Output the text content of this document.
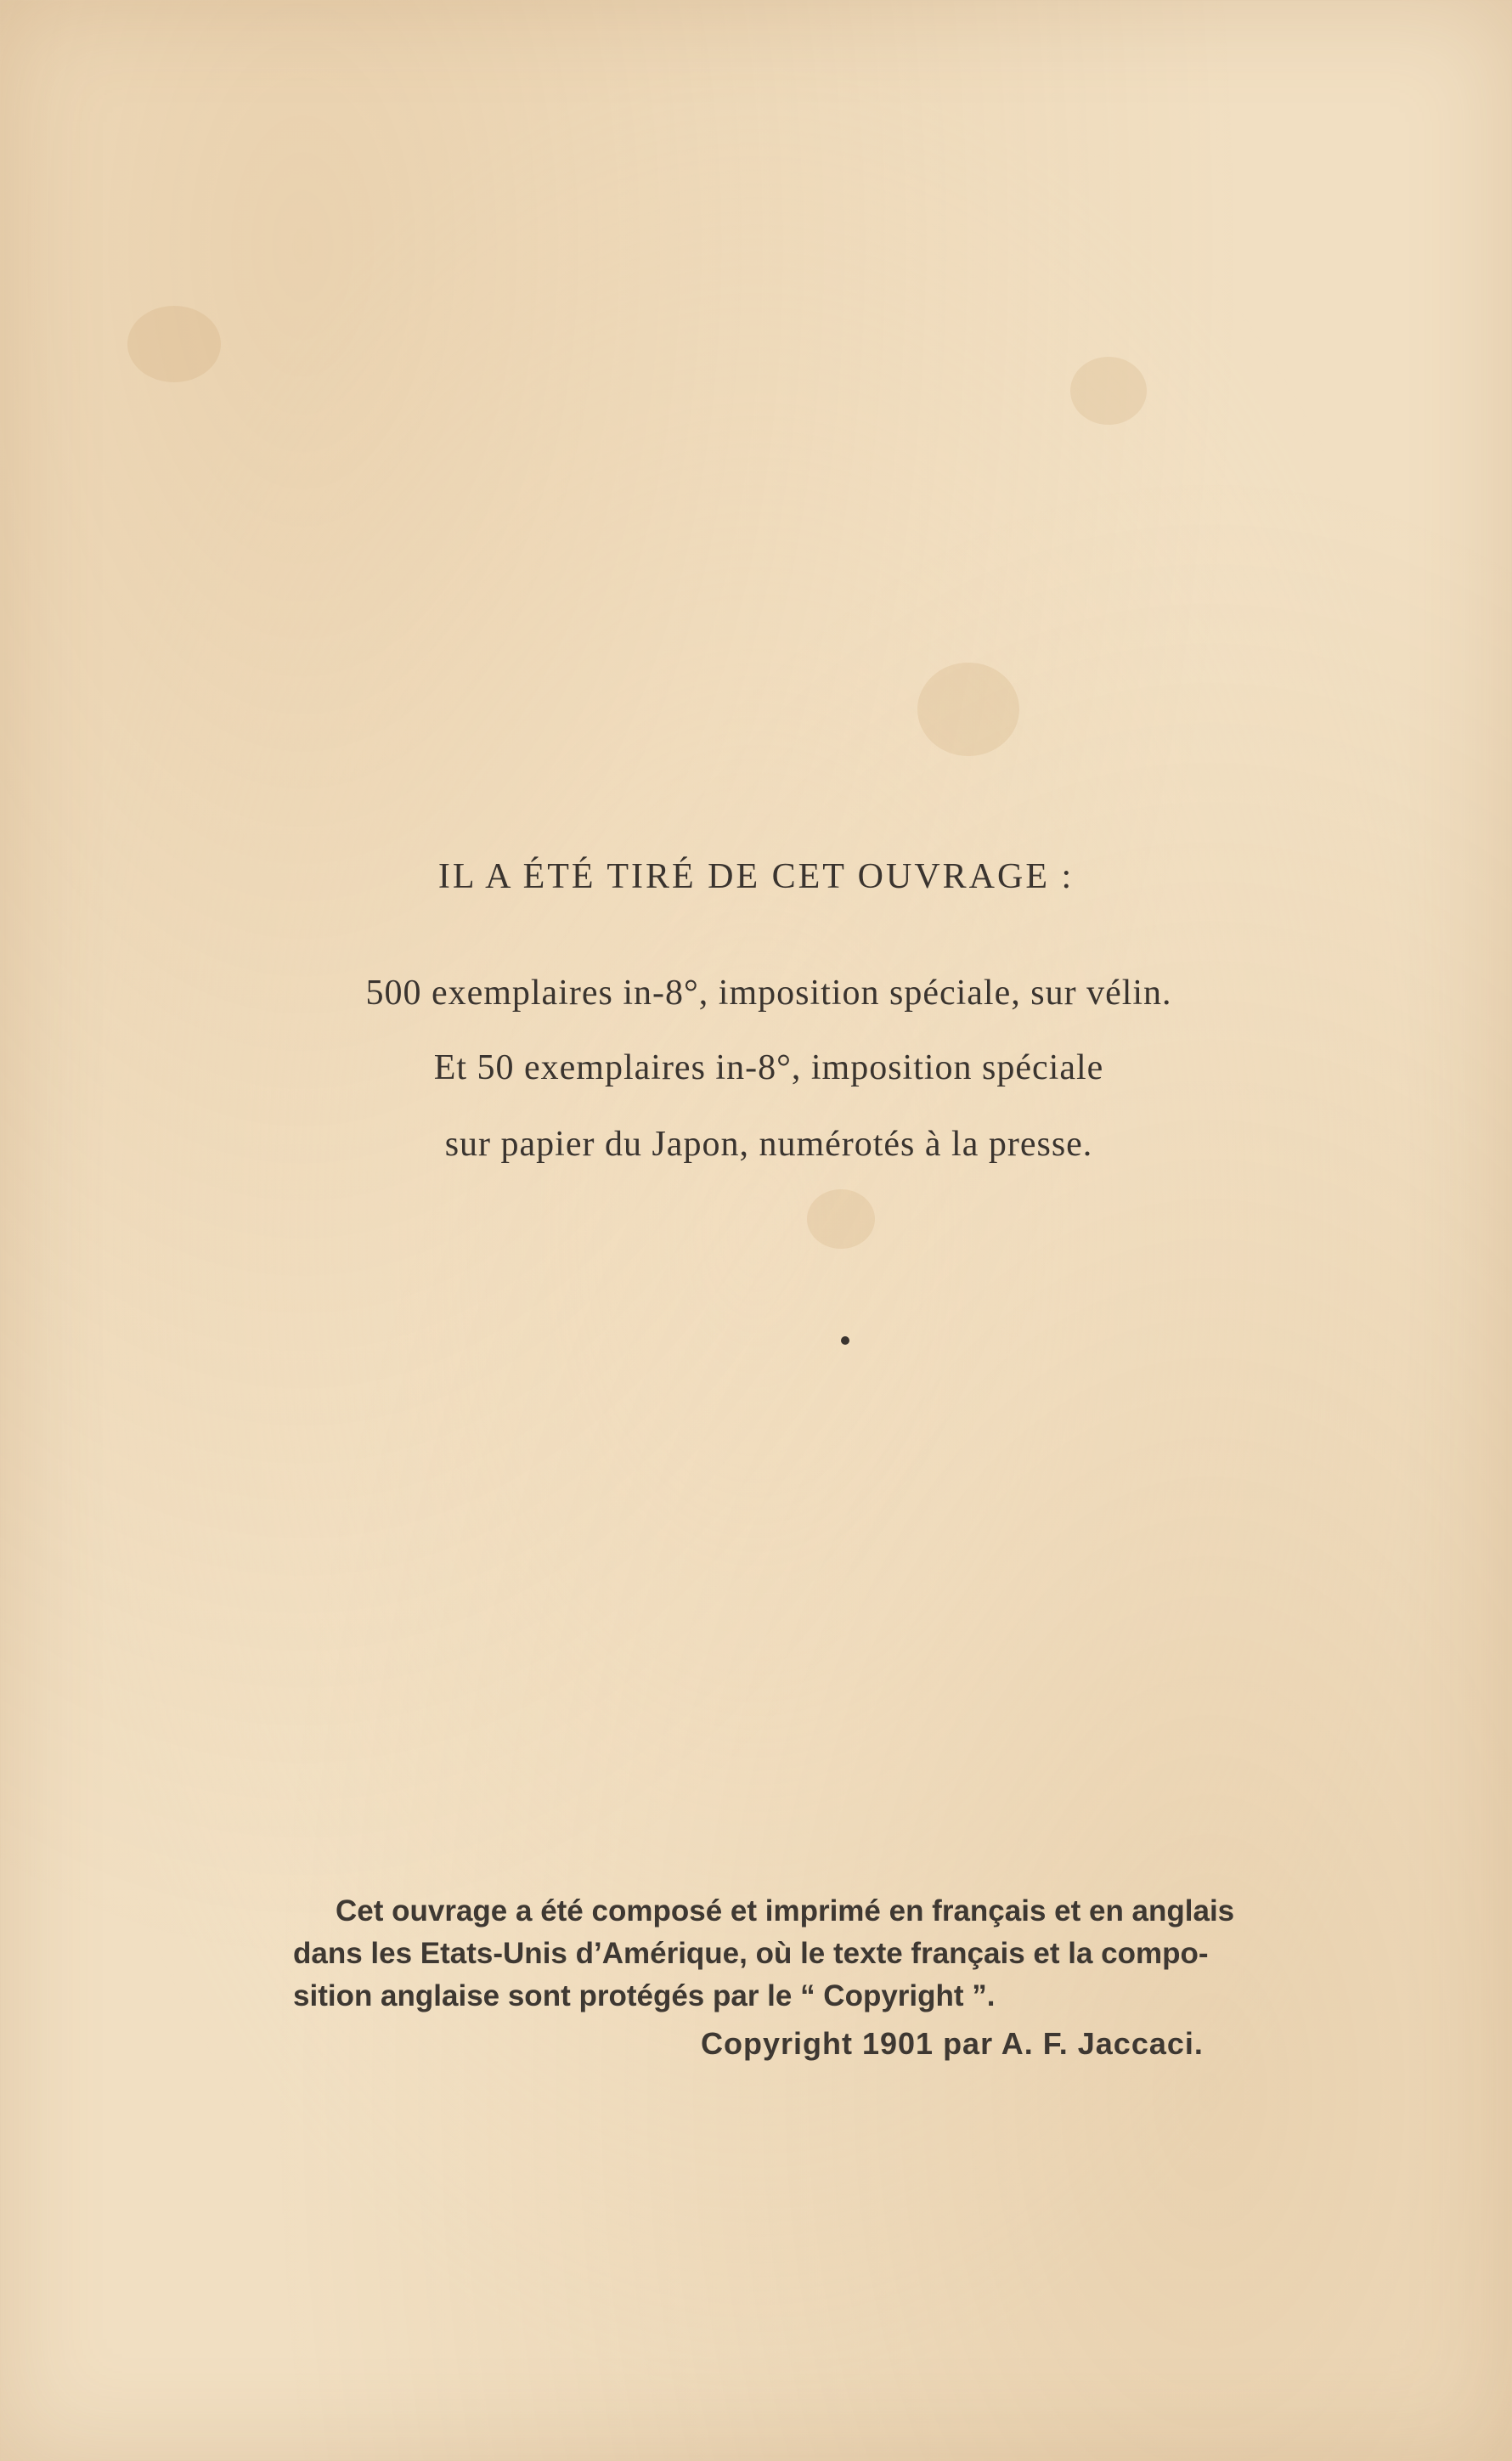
IL A ÉTÉ TIRÉ DE CET OUVRAGE :
500 exemplaires in-8°, imposition spéciale, sur vélin.
Et 50 exemplaires in-8°, imposition spéciale
sur papier du Japon, numérotés à la presse.
Cet ouvrage a été composé et imprimé en français et en anglais
dans les Etats-Unis d’Amérique, où le texte français et la compo-
sition anglaise sont protégés par le “ Copyright ”.
Copyright 1901 par A. F. Jaccaci.
